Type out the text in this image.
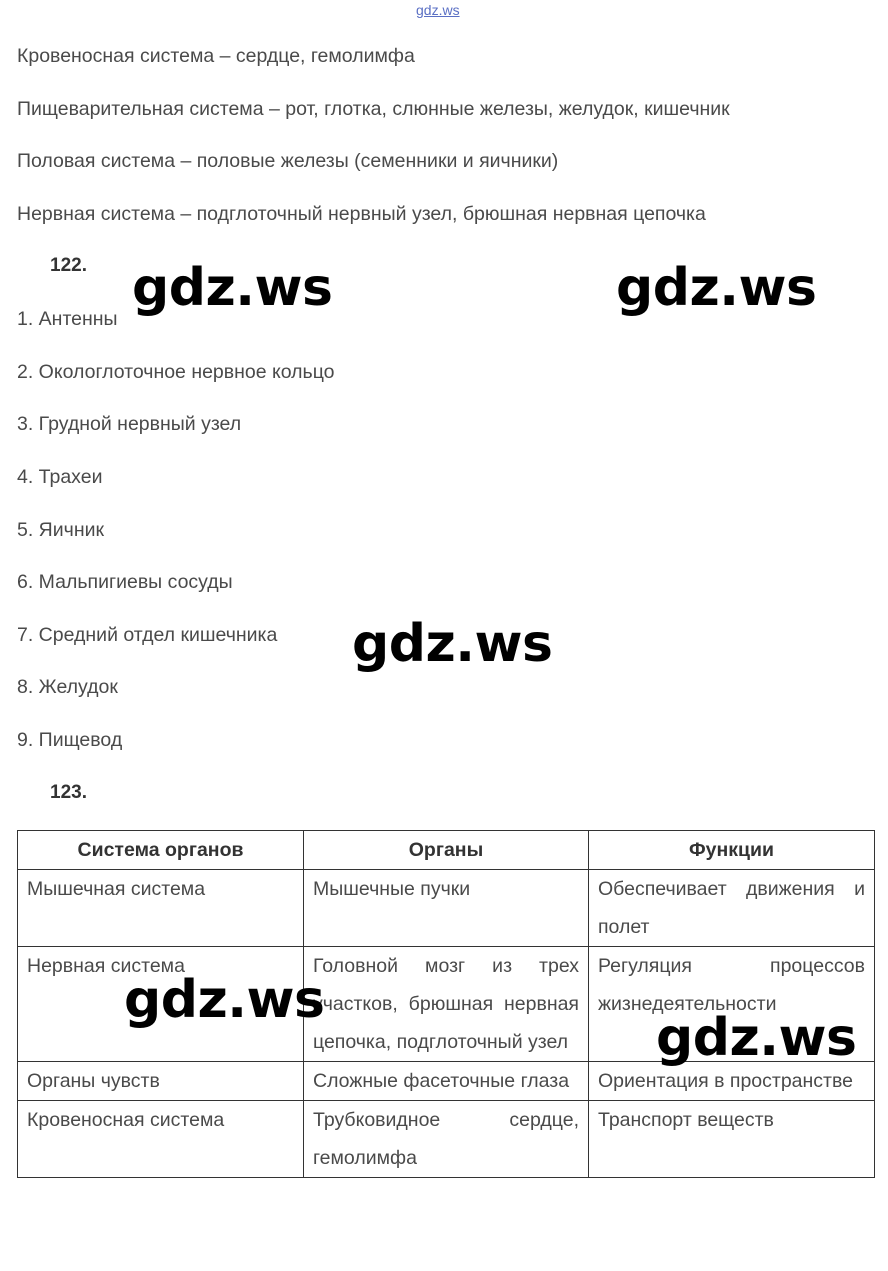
gdz.ws
Кровеносная система – сердце, гемолимфа
Пищеварительная система – рот, глотка, слюнные железы, желудок, кишечник
Половая система – половые железы (семенники и яичники)
Нервная система – подглоточный нервный узел, брюшная нервная цепочка
122.
1. Антенны
2. Окологлоточное нервное кольцо
3. Грудной нервный узел
4. Трахеи
5. Яичник
6. Мальпигиевы сосуды
7. Средний отдел кишечника
8. Желудок
9. Пищевод
123.
Система органов	Органы	Функции
Мышечная система	Мышечные пучки	Обеспечивает движения и полет
Нервная система	Головной мозг из трех участков, брюшная нервная цепочка, подглоточный узел	Регуляция процессов жизнедеятельности
Органы чувств	Сложные фасеточные глаза	Ориентация в пространстве
Кровеносная система	Трубковидное сердце, гемолимфа	Транспорт веществ
gdz.ws	gdz.ws
gdz.ws
gdz.ws
gdz.ws
